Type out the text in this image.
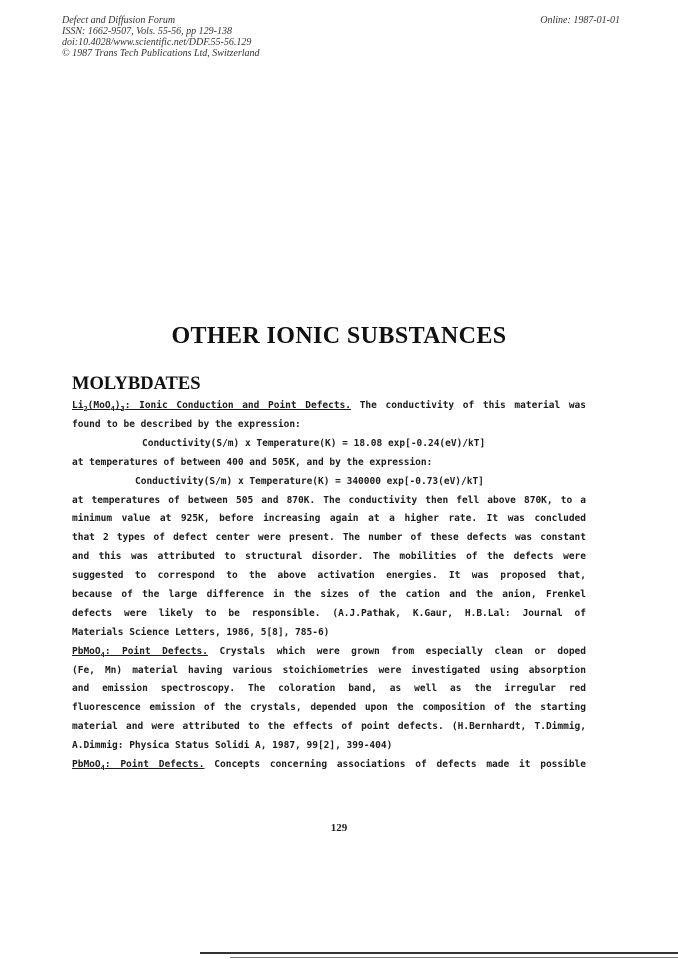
Defect and Diffusion Forum
ISSN: 1662-9507, Vols. 55-56, pp 129-138
doi:10.4028/www.scientific.net/DDF.55-56.129
© 1987 Trans Tech Publications Ltd, Switzerland
Online: 1987-01-01
OTHER IONIC SUBSTANCES
MOLYBDATES
$Li_2(MoO_4)_3$: Ionic Conduction and Point Defects. The conductivity of this material was
found to be described by the expression:
Conductivity(S/m) x Temperature(K) = 18.08 exp[-0.24(eV)/kT]
at temperatures of between 400 and 505K, and by the expression:
Conductivity(S/m) x Temperature(K) = 340000 exp[-0.73(eV)/kT]
at temperatures of between 505 and 870K. The conductivity then fell above 870K, to a
minimum value at 925K, before increasing again at a higher rate. It was concluded
that 2 types of defect center were present. The number of these defects was constant
and this was attributed to structural disorder. The mobilities of the defects were
suggested to correspond to the above activation energies. It was proposed that,
because of the large difference in the sizes of the cation and the anion, Frenkel
defects were likely to be responsible. (A.J.Pathak, K.Gaur, H.B.Lal: Journal of
Materials Science Letters, 1986, 5[8], 785-6)
PbMoO$_4$: Point Defects. Crystals which were grown from especially clean or doped
(Fe, Mn) material having various stoichiometries were investigated using absorption
and emission spectroscopy. The coloration band, as well as the irregular red
fluorescence emission of the crystals, depended upon the composition of the starting
material and were attributed to the effects of point defects. (H.Bernhardt, T.Dimmig,
A.Dimmig: Physica Status Solidi A, 1987, 99[2], 399-404)
PbMoO$_4$: Point Defects. Concepts concerning associations of defects made it possible
129
